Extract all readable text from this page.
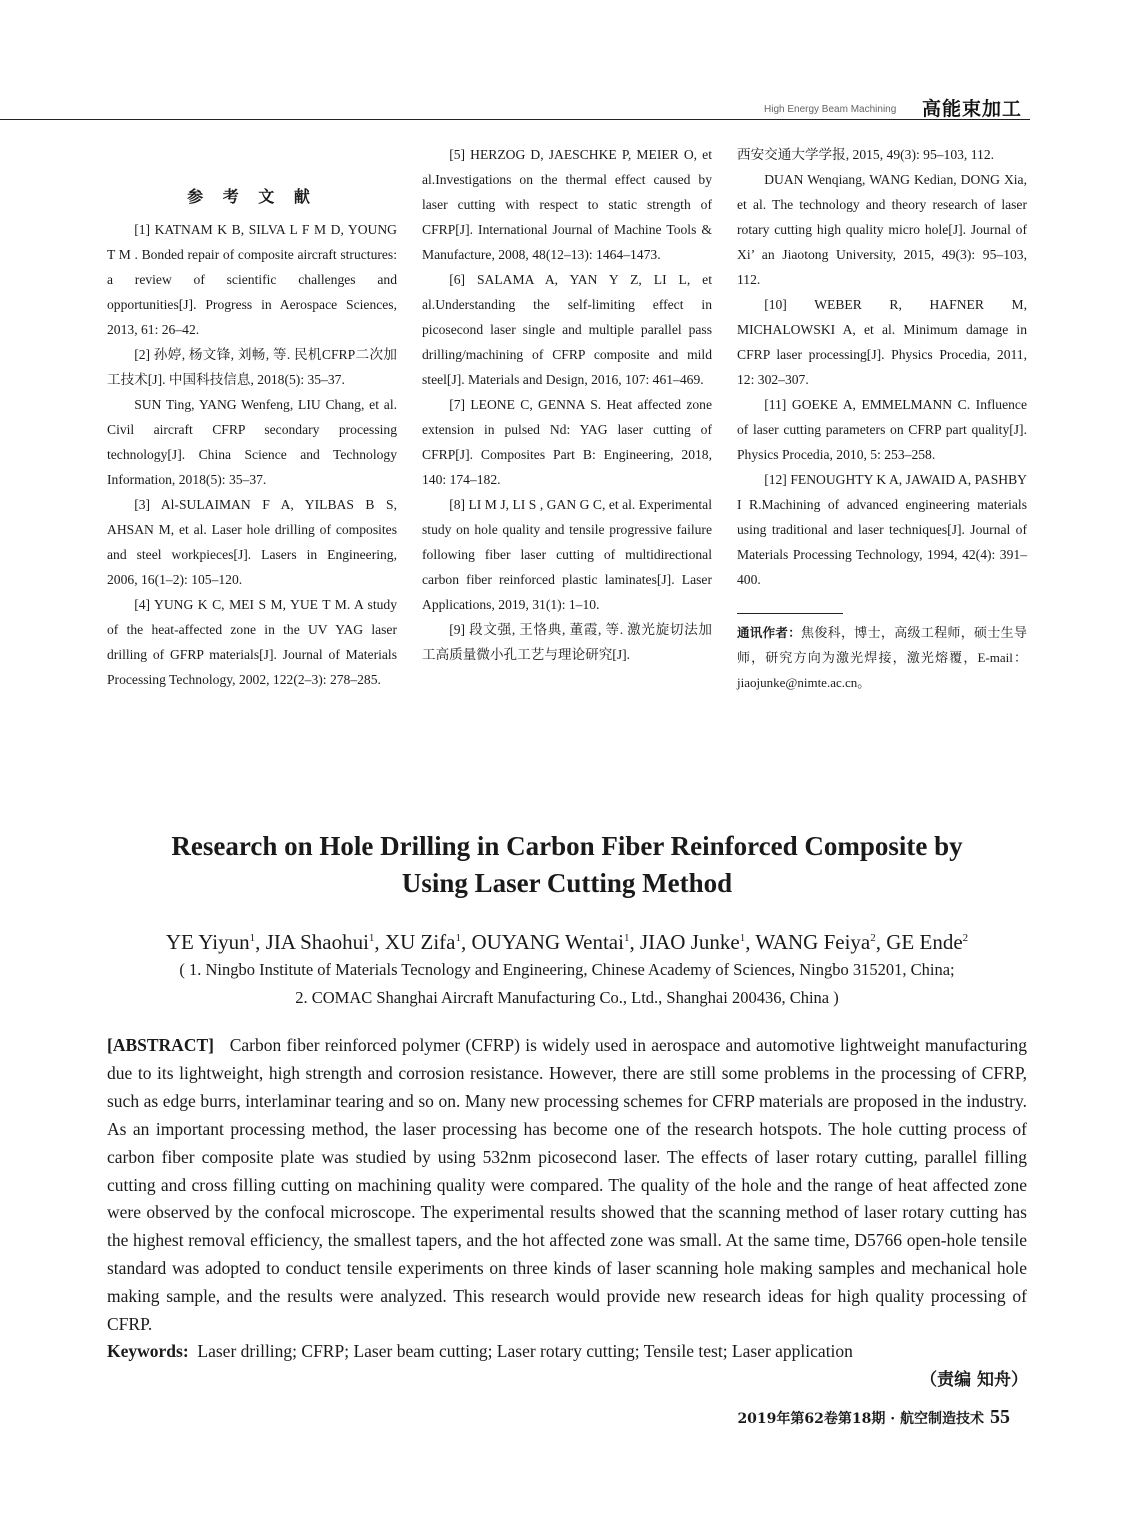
High Energy Beam Machining 高能束加工
参 考 文 献

[1] KATNAM K B, SILVA L F M D, YOUNG T M . Bonded repair of composite aircraft structures: a review of scientific challenges and opportunities[J]. Progress in Aerospace Sciences, 2013, 61: 26–42.

[2] 孙婷, 杨文锋, 刘畅, 等. 民机CFRP二次加工技术[J]. 中国科技信息, 2018(5): 35–37.

SUN Ting, YANG Wenfeng, LIU Chang, et al. Civil aircraft CFRP secondary processing technology[J]. China Science and Technology Information, 2018(5): 35–37.

[3] Al-SULAIMAN F A, YILBAS B S, AHSAN M, et al. Laser hole drilling of composites and steel workpieces[J]. Lasers in Engineering, 2006, 16(1–2): 105–120.

[4] YUNG K C, MEI S M, YUE T M. A study of the heat-affected zone in the UV YAG laser drilling of GFRP materials[J]. Journal of Materials Processing Technology, 2002, 122(2–3): 278–285.

[5] HERZOG D, JAESCHKE P, MEIER O, et al.Investigations on the thermal effect caused by laser cutting with respect to static strength of CFRP[J]. International Journal of Machine Tools & Manufacture, 2008, 48(12–13): 1464–1473.

[6] SALAMA A, YAN Y Z, LI L, et al.Understanding the self-limiting effect in picosecond laser single and multiple parallel pass drilling/machining of CFRP composite and mild steel[J]. Materials and Design, 2016, 107: 461–469.

[7] LEONE C, GENNA S. Heat affected zone extension in pulsed Nd: YAG laser cutting of CFRP[J]. Composites Part B: Engineering, 2018, 140: 174–182.

[8] LI M J, LI S , GAN G C, et al. Experimental study on hole quality and tensile progressive failure following fiber laser cutting of multidirectional carbon fiber reinforced plastic laminates[J]. Laser Applications, 2019, 31(1): 1–10.

[9] 段文强, 王恪典, 董霞, 等. 激光旋切法加工高质量微小孔工艺与理论研究[J].

西安交通大学学报, 2015, 49(3): 95–103, 112.

DUAN Wenqiang, WANG Kedian, DONG Xia, et al. The technology and theory research of laser rotary cutting high quality micro hole[J]. Journal of Xi’ an Jiaotong University, 2015, 49(3): 95–103, 112.

[10] WEBER R, HAFNER M, MICHALOWSKI A, et al. Minimum damage in CFRP laser processing[J]. Physics Procedia, 2011, 12: 302–307.

[11] GOEKE A, EMMELMANN C. Influence of laser cutting parameters on CFRP part quality[J]. Physics Procedia, 2010, 5: 253–258.

[12] FENOUGHTY K A, JAWAID A, PASHBY I R.Machining of advanced engineering materials using traditional and laser techniques[J]. Journal of Materials Processing Technology, 1994, 42(4): 391–400.

通讯作者：焦俊科，博士，高级工程师，硕士生导师，研究方向为激光焊接，激光熔覆，E-mail：jiaojunke@nimte.ac.cn。
Research on Hole Drilling in Carbon Fiber Reinforced Composite by
Using Laser Cutting Method
YE Yiyun$^1$, JIA Shaohui$^1$, XU Zifa$^1$, OUYANG Wentai$^1$, JIAO Junke$^1$, WANG Feiya$^2$, GE Ende$^2$
( 1. Ningbo Institute of Materials Tecnology and Engineering, Chinese Academy of Sciences, Ningbo 315201, China;
2. COMAC Shanghai Aircraft Manufacturing Co., Ltd., Shanghai 200436, China )
[ABSTRACT] Carbon fiber reinforced polymer (CFRP) is widely used in aerospace and automotive lightweight manufacturing due to its lightweight, high strength and corrosion resistance. However, there are still some problems in the processing of CFRP, such as edge burrs, interlaminar tearing and so on. Many new processing schemes for CFRP materials are proposed in the industry. As an important processing method, the laser processing has become one of the research hotspots. The hole cutting process of carbon fiber composite plate was studied by using 532nm picosecond laser. The effects of laser rotary cutting, parallel filling cutting and cross filling cutting on machining quality were compared. The quality of the hole and the range of heat affected zone were observed by the confocal microscope. The experimental results showed that the scanning method of laser rotary cutting has the highest removal efficiency, the smallest tapers, and the hot affected zone was small. At the same time, D5766 open-hole tensile standard was adopted to conduct tensile experiments on three kinds of laser scanning hole making samples and mechanical hole making sample, and the results were analyzed. This research would provide new research ideas for high quality processing of CFRP.
Keywords: Laser drilling; CFRP; Laser beam cutting; Laser rotary cutting; Tensile test; Laser application
（责编 知舟）
2019年第62卷第18期 · 航空制造技术 55
